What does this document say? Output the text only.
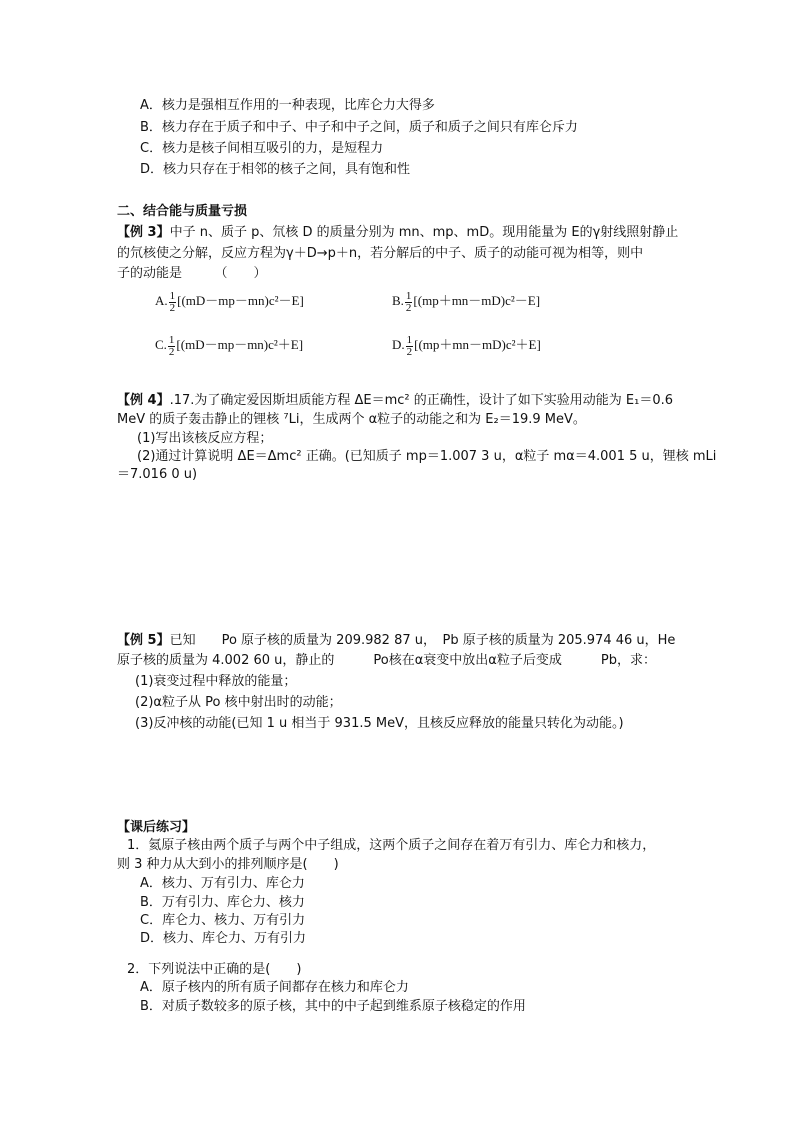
A．核力是强相互作用的一种表现，比库仑力大得多
B．核力存在于质子和中子、中子和中子之间，质子和质子之间只有库仑斥力
C．核力是核子间相互吸引的力，是短程力
D．核力只存在于相邻的核子之间，具有饱和性
二、结合能与质量亏损
【例 3】中子 n、质子 p、氘核 D 的质量分别为 mn、mp、mD。现用能量为 E的γ射线照射静止
的氘核使之分解，反应方程为γ＋D→p＋n，若分解后的中子、质子的动能可视为相等，则中
子的动能是　　　（　　）
A. $\frac{1}{2} [(mD-mp-mn)c^2-E]$	B. $\frac{1}{2} [(mp+mn-mD)c^2-E]$
C. $\frac{1}{2} [(mD-mp-mn)c^2+E]$	D. $\frac{1}{2} [(mp+mn-mD)c^2+E]$
【例 4】.17.为了确定爱因斯坦质能方程 ΔE＝mc² 的正确性，设计了如下实验用动能为 E₁＝0.6
MeV 的质子轰击静止的锂核 ⁷Li，生成两个 α粒子的动能之和为 E₂＝19.9 MeV。
(1)写出该核反应方程；
(2)通过计算说明 ΔE＝Δmc² 正确。(已知质子 mp＝1.007 3 u，α粒子 mα＝4.001 5 u，锂核 mLi
＝7.016 0 u)
【例 5】已知　　Po 原子核的质量为 209.982 87 u，　Pb 原子核的质量为 205.974 46 u，He
原子核的质量为 4.002 60 u，静止的　　　Po核在α衰变中放出α粒子后变成　　　Pb，求：
(1)衰变过程中释放的能量；
(2)α粒子从 Po 核中射出时的动能；
(3)反冲核的动能(已知 1 u 相当于 931.5 MeV，且核反应释放的能量只转化为动能。)
【课后练习】
1．氦原子核由两个质子与两个中子组成，这两个质子之间存在着万有引力、库仑力和核力，
则 3 种力从大到小的排列顺序是(　　)
A．核力、万有引力、库仑力
B．万有引力、库仑力、核力
C．库仑力、核力、万有引力
D．核力、库仑力、万有引力
2．下列说法中正确的是(　　)
A．原子核内的所有质子间都存在核力和库仑力
B．对质子数较多的原子核，其中的中子起到维系原子核稳定的作用
